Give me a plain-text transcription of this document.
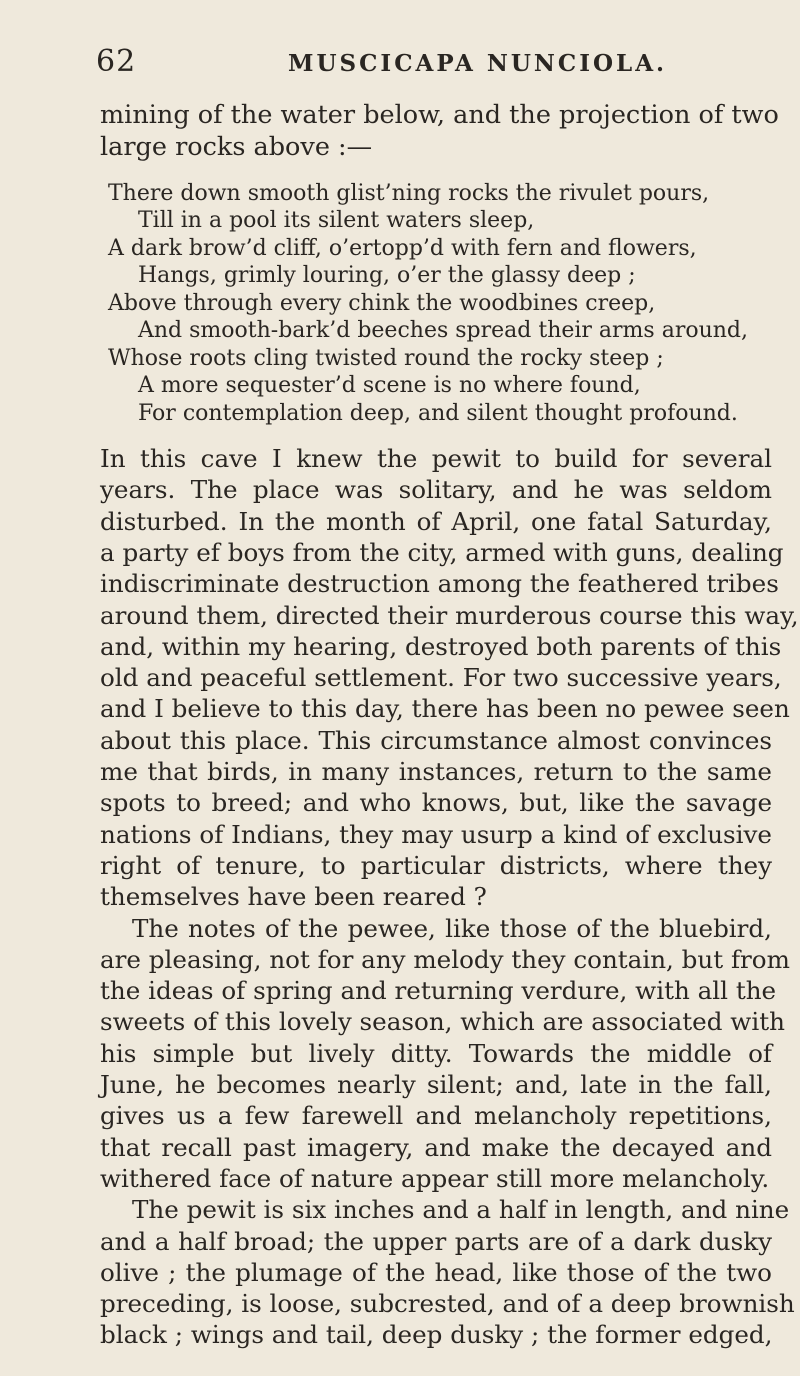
62	MUSCICAPA NUNCIOLA.
mining of the water below, and the projection of two
large rocks above :—
There down smooth glist’ning rocks the rivulet pours,
Till in a pool its silent waters sleep,
A dark brow’d cliff, o’ertopp’d with fern and flowers,
Hangs, grimly louring, o’er the glassy deep ;
Above through every chink the woodbines creep,
And smooth-bark’d beeches spread their arms around,
Whose roots cling twisted round the rocky steep ;
A more sequester’d scene is no where found,
For contemplation deep, and silent thought profound.
In this cave I knew the pewit to build for several
years. The place was solitary, and he was seldom
disturbed. In the month of April, one fatal Saturday,
a party ef boys from the city, armed with guns, dealing
indiscriminate destruction among the feathered tribes
around them, directed their murderous course this way,
and, within my hearing, destroyed both parents of this
old and peaceful settlement. For two successive years,
and I believe to this day, there has been no pewee seen
about this place. This circumstance almost convinces
me that birds, in many instances, return to the same
spots to breed; and who knows, but, like the savage
nations of Indians, they may usurp a kind of exclusive
right of tenure, to particular districts, where they
themselves have been reared ?
The notes of the pewee, like those of the bluebird,
are pleasing, not for any melody they contain, but from
the ideas of spring and returning verdure, with all the
sweets of this lovely season, which are associated with
his simple but lively ditty. Towards the middle of
June, he becomes nearly silent; and, late in the fall,
gives us a few farewell and melancholy repetitions,
that recall past imagery, and make the decayed and
withered face of nature appear still more melancholy.
The pewit is six inches and a half in length, and nine
and a half broad; the upper parts are of a dark dusky
olive ; the plumage of the head, like those of the two
preceding, is loose, subcrested, and of a deep brownish
black ; wings and tail, deep dusky ; the former edged,
